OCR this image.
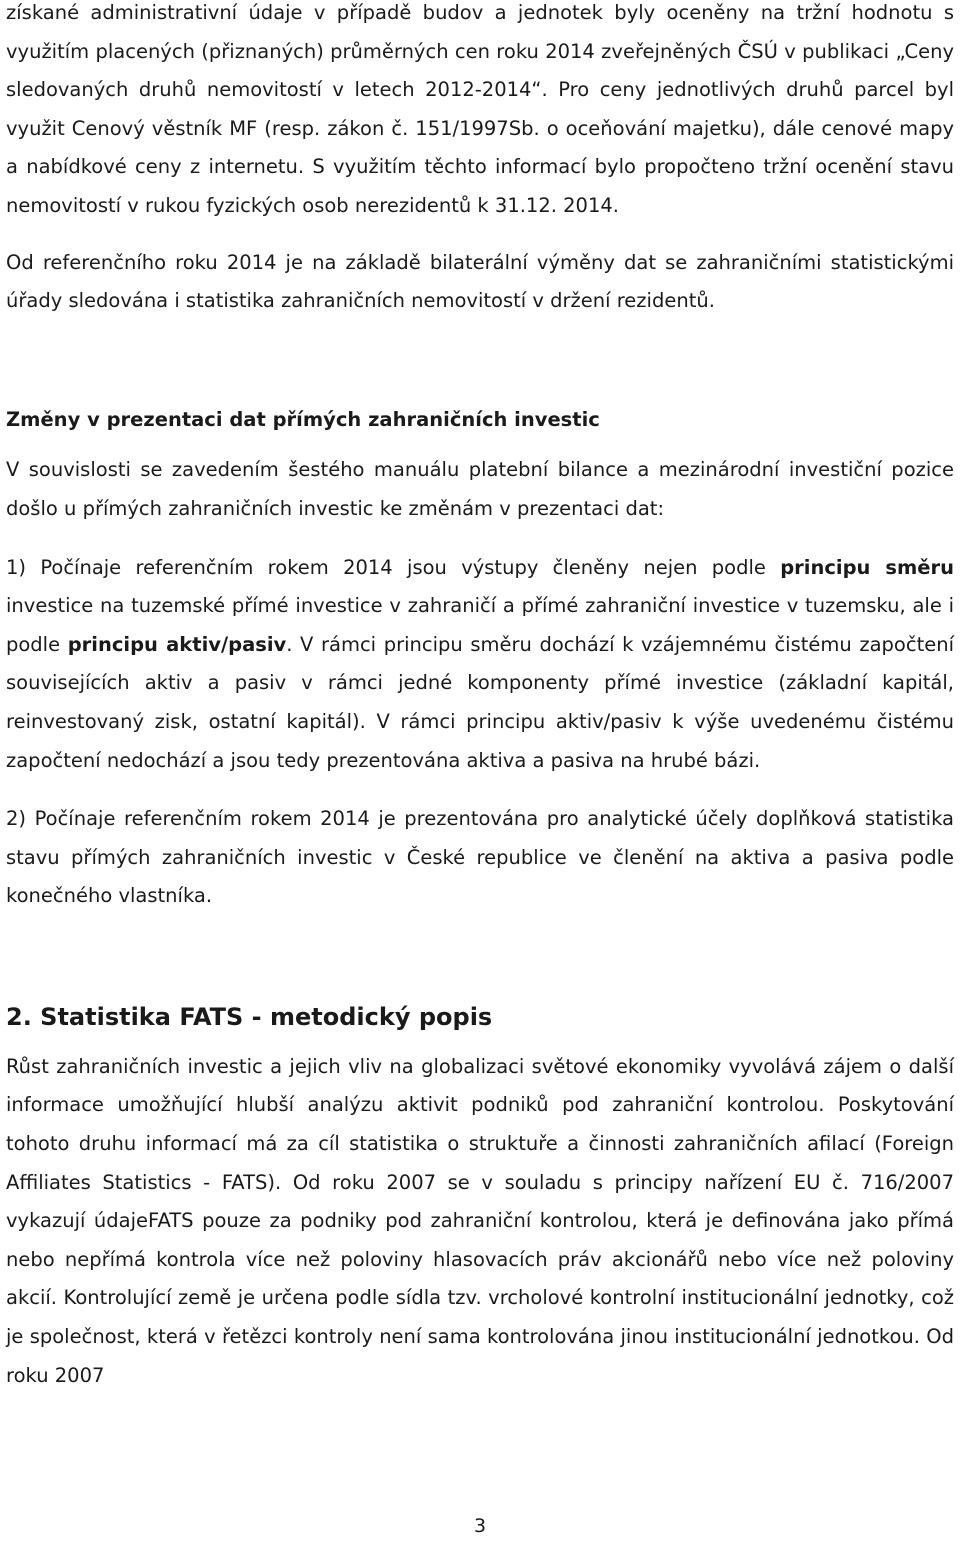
získané administrativní údaje v případě budov a jednotek byly oceněny na tržní hodnotu s využitím placených (přiznaných) průměrných cen roku 2014 zveřejněných ČSÚ v publikaci „Ceny sledovaných druhů nemovitostí v letech 2012-2014“. Pro ceny jednotlivých druhů parcel byl využit Cenový věstník MF (resp. zákon č. 151/1997Sb. o oceňování majetku), dále cenové mapy a nabídkové ceny z internetu. S využitím těchto informací bylo propočteno tržní ocenění stavu nemovitostí v rukou fyzických osob nerezidentů k 31.12. 2014.

Od referenčního roku 2014 je na základě bilaterální výměny dat se zahraničními statistickými úřady sledována i statistika zahraničních nemovitostí v držení rezidentů.

Změny v prezentaci dat přímých zahraničních investic

V souvislosti se zavedením šestého manuálu platební bilance a mezinárodní investiční pozice došlo u přímých zahraničních investic ke změnám v prezentaci dat:

1) Počínaje referenčním rokem 2014 jsou výstupy členěny nejen podle principu směru investice na tuzemské přímé investice v zahraničí a přímé zahraniční investice v tuzemsku, ale i podle principu aktiv/pasiv. V rámci principu směru dochází k vzájemnému čistému započtení souvisejících aktiv a pasiv v rámci jedné komponenty přímé investice (základní kapitál, reinvestovaný zisk, ostatní kapitál). V rámci principu aktiv/pasiv k výše uvedenému čistému započtení nedochází a jsou tedy prezentována aktiva a pasiva na hrubé bázi.

2) Počínaje referenčním rokem 2014 je prezentována pro analytické účely doplňková statistika stavu přímých zahraničních investic v České republice ve členění na aktiva a pasiva podle konečného vlastníka.

2. Statistika FATS - metodický popis

Růst zahraničních investic a jejich vliv na globalizaci světové ekonomiky vyvolává zájem o další informace umožňující hlubší analýzu aktivit podniků pod zahraniční kontrolou. Poskytování tohoto druhu informací má za cíl statistika o struktuře a činnosti zahraničních afilací (Foreign Affiliates Statistics - FATS). Od roku 2007 se v souladu s principy nařízení EU č. 716/2007 vykazují údajeFATS pouze za podniky pod zahraniční kontrolou, která je definována jako přímá nebo nepřímá kontrola více než poloviny hlasovacích práv akcionářů nebo více než poloviny akcií. Kontrolující země je určena podle sídla tzv. vrcholové kontrolní institucionální jednotky, což je společnost, která v řetězci kontroly není sama kontrolována jinou institucionální jednotkou. Od roku 2007

3
